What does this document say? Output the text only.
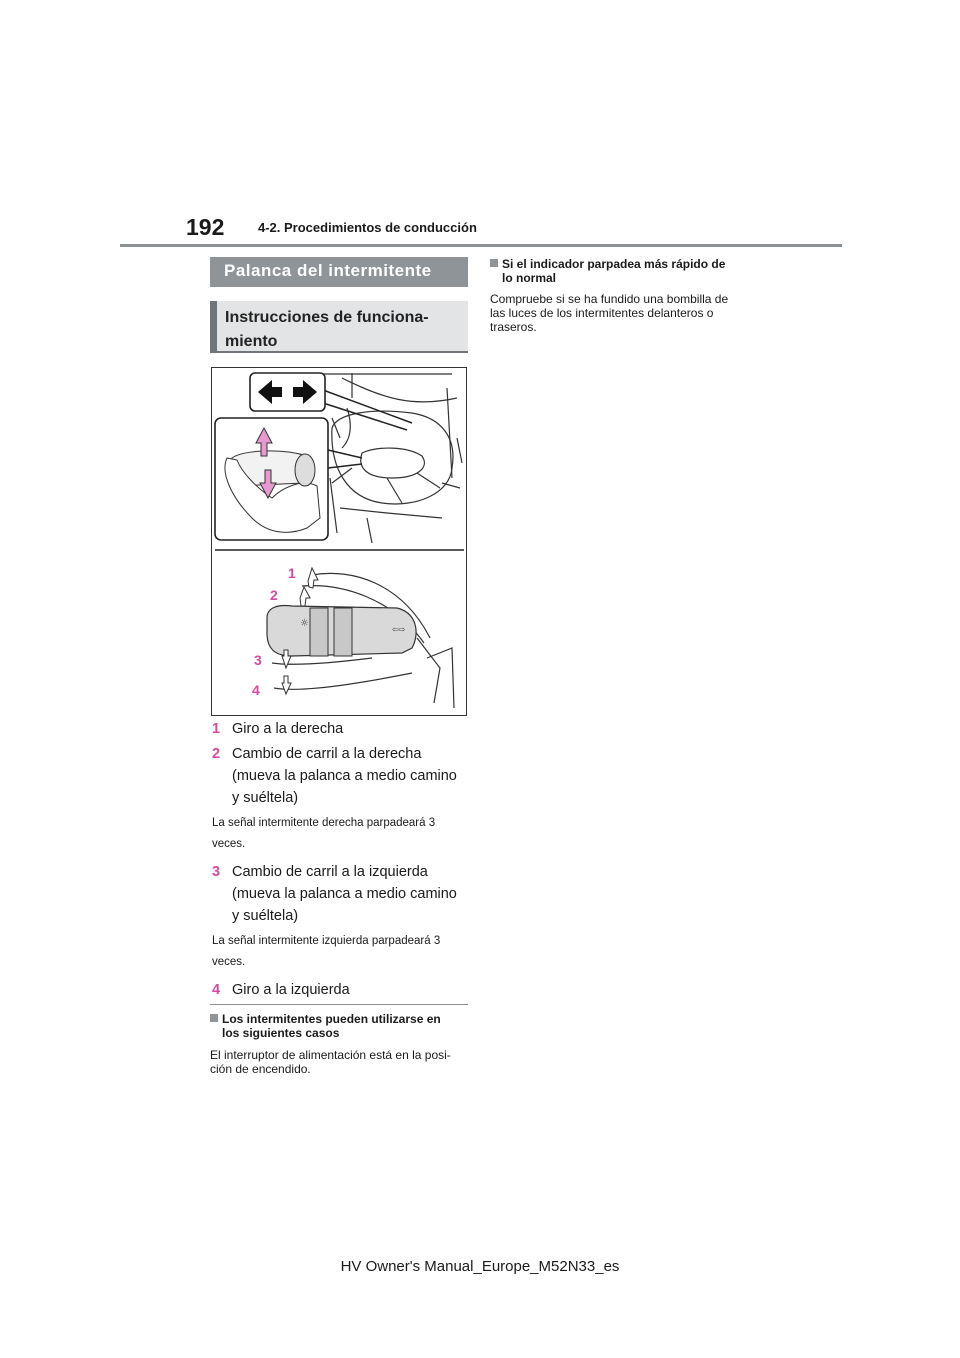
192	4-2. Procedimientos de conducción
Palanca del intermitente
Instrucciones de funciona-
miento
☼
⇦⇨
1
2
3
4
1 Giro a la derecha
2 Cambio de carril a la derecha
(mueva la palanca a medio camino
y suéltela)
La señal intermitente derecha parpadeará 3
veces.
3 Cambio de carril a la izquierda
(mueva la palanca a medio camino
y suéltela)
La señal intermitente izquierda parpadeará 3
veces.
4 Giro a la izquierda
Los intermitentes pueden utilizarse en
los siguientes casos
El interruptor de alimentación está en la posi-
ción de encendido.
Si el indicador parpadea más rápido de
lo normal
Compruebe si se ha fundido una bombilla de
las luces de los intermitentes delanteros o
traseros.
HV Owner's Manual_Europe_M52N33_es
